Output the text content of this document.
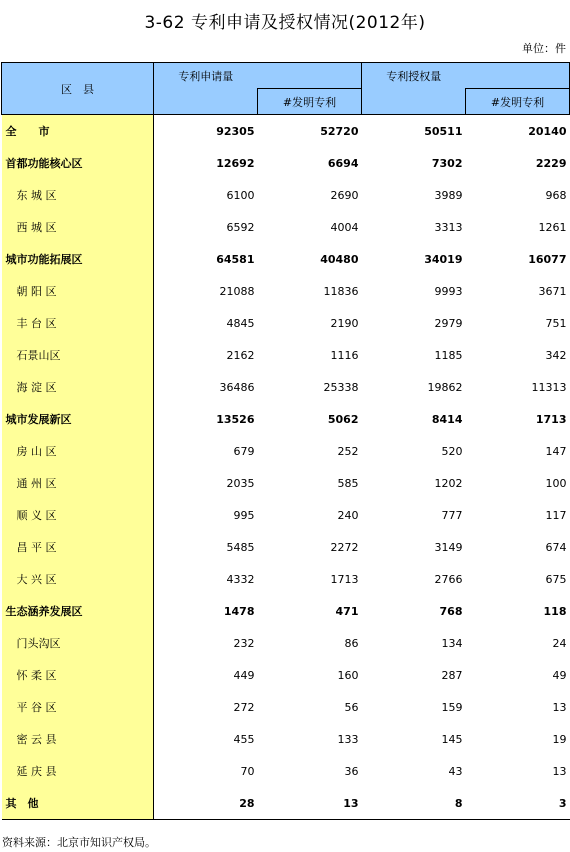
3-62 专利申请及授权情况(2012年)
单位：件
区　县	专利申请量		专利授权量	
		#发明专利		#发明专利
全　　市	92305	52720	50511	20140
首都功能核心区	12692	6694	7302	2229
东 城 区	6100	2690	3989	968
西 城 区	6592	4004	3313	1261
城市功能拓展区	64581	40480	34019	16077
朝 阳 区	21088	11836	9993	3671
丰 台 区	4845	2190	2979	751
石景山区	2162	1116	1185	342
海 淀 区	36486	25338	19862	11313
城市发展新区	13526	5062	8414	1713
房 山 区	679	252	520	147
通 州 区	2035	585	1202	100
顺 义 区	995	240	777	117
昌 平 区	5485	2272	3149	674
大 兴 区	4332	1713	2766	675
生态涵养发展区	1478	471	768	118
门头沟区	232	86	134	24
怀 柔 区	449	160	287	49
平 谷 区	272	56	159	13
密 云 县	455	133	145	19
延 庆 县	70	36	43	13
其　他	28	13	8	3
资料来源：北京市知识产权局。
